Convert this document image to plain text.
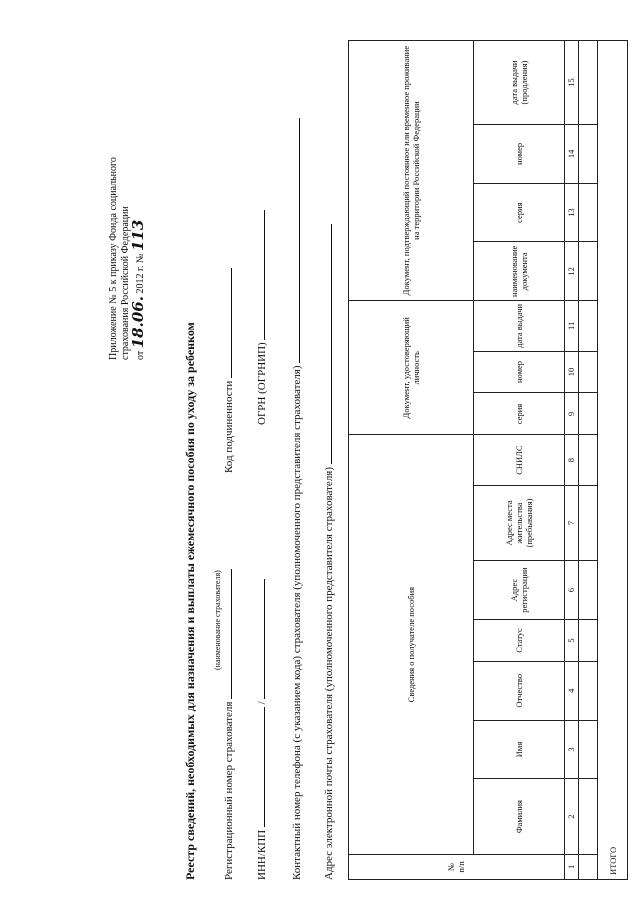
Приложение № 5 к приказу Фонда социального страхования Российской Федерации от 18.06. 2012 г. № 113
Реестр сведений, необходимых для назначения и выплаты ежемесячного пособия по уходу за ребенком Регистрационный номер страхователя
(наименование страхователя)
Код подчиненности
ИНН/КПП  /
ОГРН (ОГРНИП) Контактный номер телефона (с указанием кода) страхователя (уполномоченного представителя страхователя) Адрес электронной почты страхователя (уполномоченного представителя страхователя)	№
п/п	Сведения о получателе пособия							Документ, удостоверяющий личность			Документ, подтверждающий постоянное или временное проживание на территории Российской Федерации			
	Фамилия	Имя	Отчество	Статус	Адрес регистрации	Адрес места жительства (пребывания)	СНИЛС	серия	номер	дата выдачи	наименование документа	серия	номер	дата выдачи (продления)
1	2	3	4	5	6	7	8	9	10	11	12	13	14	15

ИТОГО														
